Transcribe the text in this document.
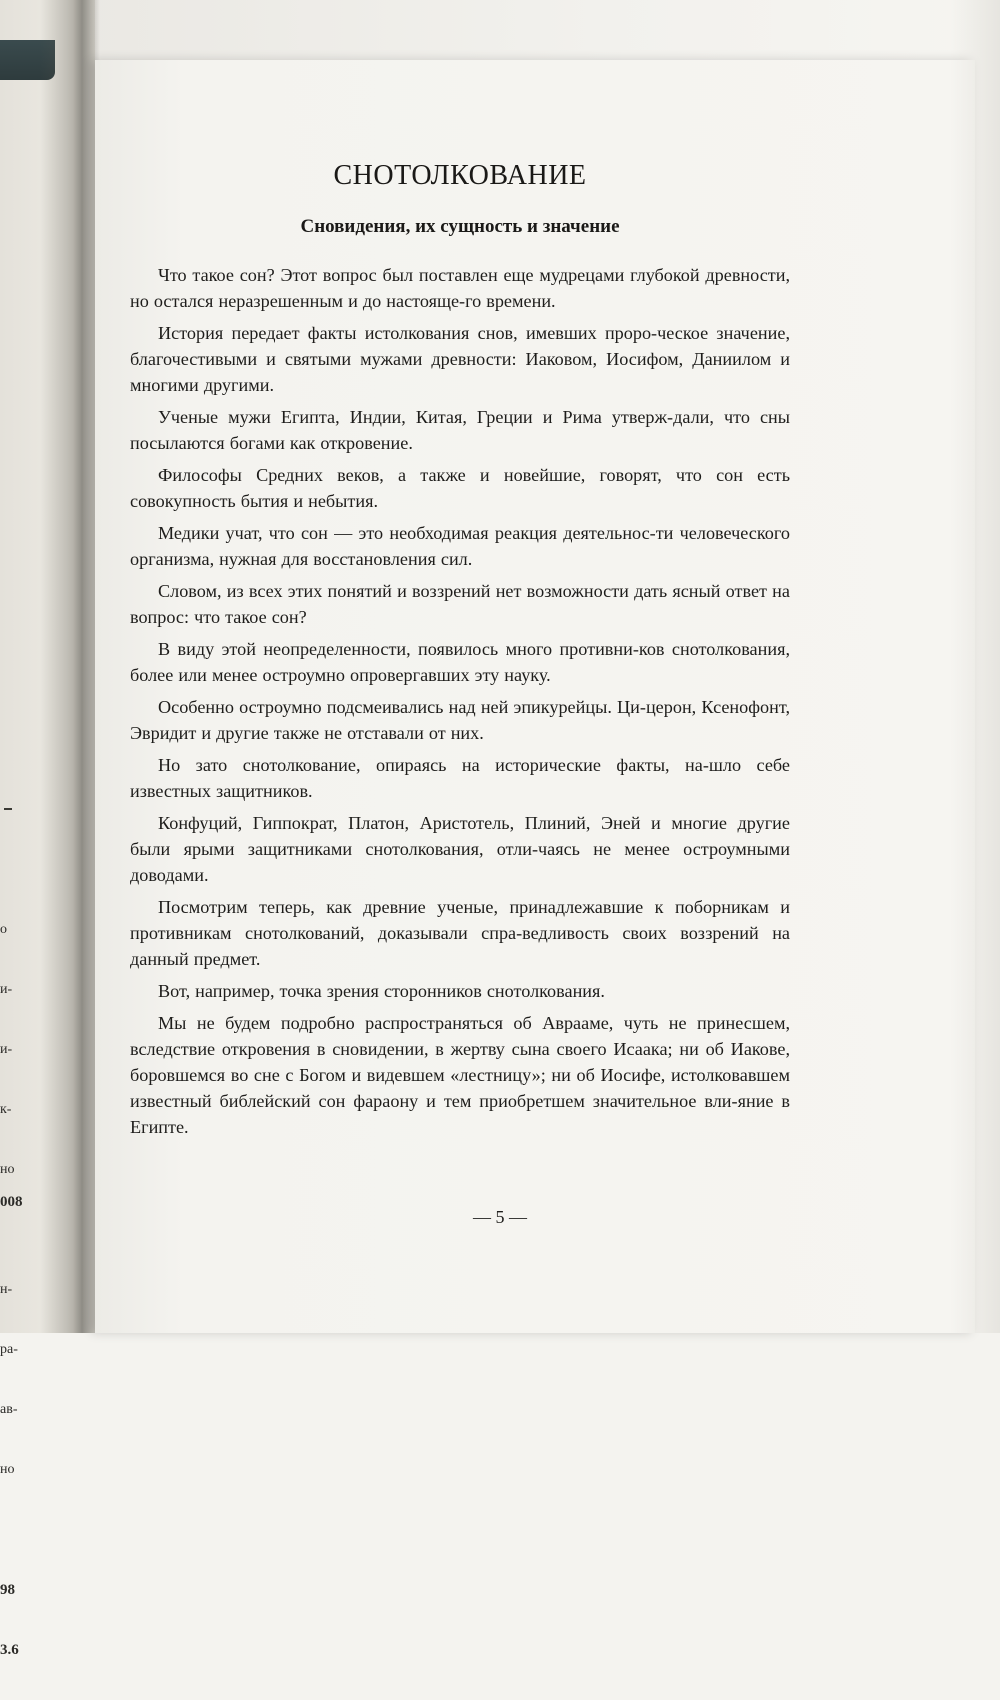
о

и-

и-

к-

но

н-

ра-

ав-

но

98

3.6

008
СНОТОЛКОВАНИЕ
Сновидения, их сущность и значение

Что такое сон? Этот вопрос был поставлен еще мудрецами глубокой древности, но остался неразрешенным и до настояще-го времени.

История передает факты истолкования снов, имевших проро-ческое значение, благочестивыми и святыми мужами древности: Иаковом, Иосифом, Даниилом и многими другими.

Ученые мужи Египта, Индии, Китая, Греции и Рима утверж-дали, что сны посылаются богами как откровение.

Философы Средних веков, а также и новейшие, говорят, что сон есть совокупность бытия и небытия.

Медики учат, что сон — это необходимая реакция деятельнос-ти человеческого организма, нужная для восстановления сил.

Словом, из всех этих понятий и воззрений нет возможности дать ясный ответ на вопрос: что такое сон?

В виду этой неопределенности, появилось много противни-ков снотолкования, более или менее остроумно опровергавших эту науку.

Особенно остроумно подсмеивались над ней эпикурейцы. Ци-церон, Ксенофонт, Эвридит и другие также не отставали от них.

Но зато снотолкование, опираясь на исторические факты, на-шло себе известных защитников.

Конфуций, Гиппократ, Платон, Аристотель, Плиний, Эней и многие другие были ярыми защитниками снотолкования, отли-чаясь не менее остроумными доводами.

Посмотрим теперь, как древние ученые, принадлежавшие к поборникам и противникам снотолкований, доказывали спра-ведливость своих воззрений на данный предмет.

Вот, например, точка зрения сторонников снотолкования.

Мы не будем подробно распространяться об Аврааме, чуть не принесшем, вследствие откровения в сновидении, в жертву сына своего Исаака; ни об Иакове, боровшемся во сне с Богом и видевшем «лестницу»; ни об Иосифе, истолковавшем известный библейский сон фараону и тем приобретшем значительное вли-яние в Египте.

— 5 —
